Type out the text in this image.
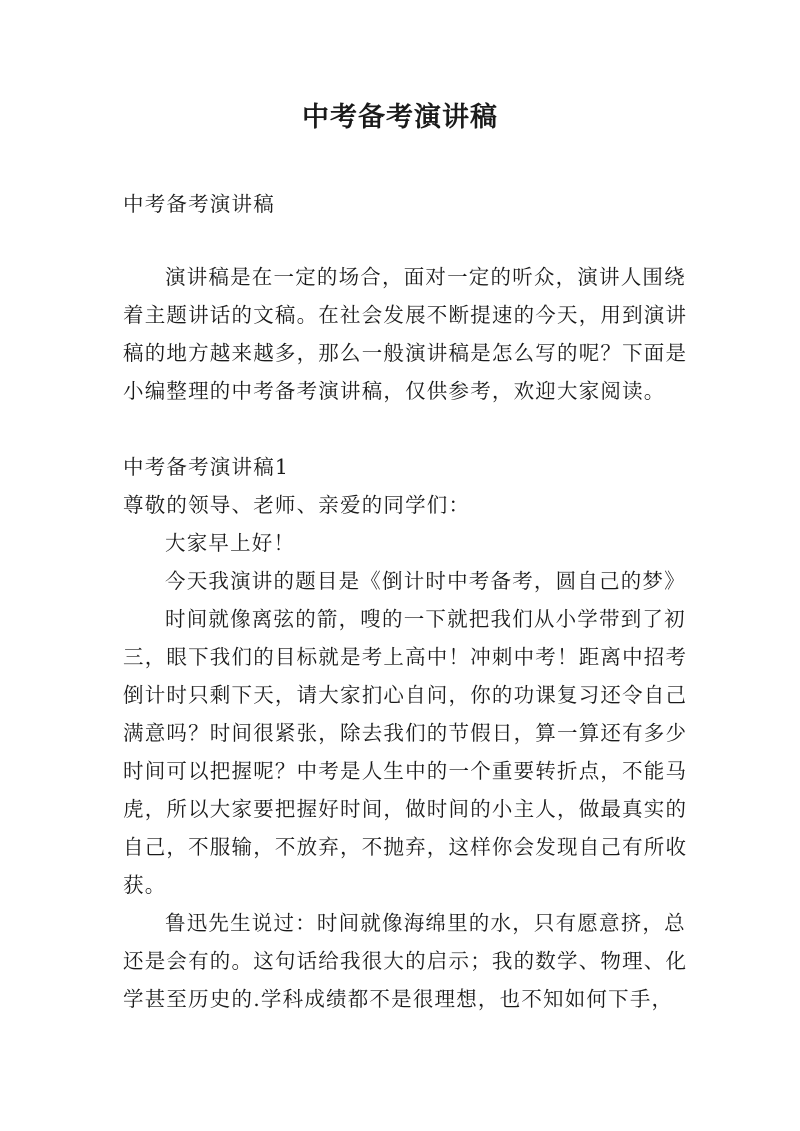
中考备考演讲稿
中考备考演讲稿
演讲稿是在一定的场合，面对一定的听众，演讲人围绕
着主题讲话的文稿。在社会发展不断提速的今天，用到演讲
稿的地方越来越多，那么一般演讲稿是怎么写的呢？下面是
小编整理的中考备考演讲稿，仅供参考，欢迎大家阅读。
中考备考演讲稿1
尊敬的领导、老师、亲爱的同学们：
大家早上好！
今天我演讲的题目是《倒计时中考备考，圆自己的梦》
时间就像离弦的箭，嗖的一下就把我们从小学带到了初
三，眼下我们的目标就是考上高中！冲刺中考！距离中招考
倒计时只剩下天，请大家扪心自问，你的功课复习还令自己
满意吗？时间很紧张，除去我们的节假日，算一算还有多少
时间可以把握呢？中考是人生中的一个重要转折点，不能马
虎，所以大家要把握好时间，做时间的小主人，做最真实的
自己，不服输，不放弃，不抛弃，这样你会发现自己有所收
获。
鲁迅先生说过：时间就像海绵里的水，只有愿意挤，总
还是会有的。这句话给我很大的启示；我的数学、物理、化
学甚至历史的.学科成绩都不是很理想，也不知如何下手，
